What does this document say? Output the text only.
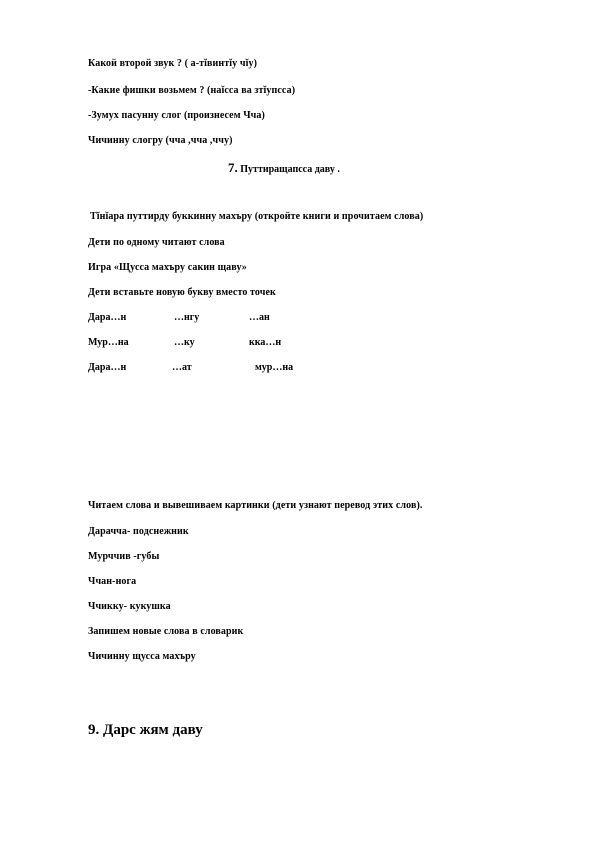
Какой второй звук ? ( а-тĭвинтĭу чĭу)
-Какие фишки возьмем ? (наĭсса ва зтĭупсса)
-Зумух пасунну слог (произнесем Чча)
Чичинну слогру (чча ,чча ,ччу)
7. Путтиращапсса даву .
Тĭнĭара путтирду буккинну махъру (откройте книги и прочитаем слова)
Дети по одному читают слова
Игра «Щусса махъру сакин щаву»
Дети вставьте новую букву вместо точек
Дара…н	…нгу	…ан
Мур…на	…ку	кка…н
Дара…н	…ат	мур…на
Читаем слова и вывешиваем картинки (дети узнают перевод этих слов).
Дарачча- подснежник
Мурччив -губы
Ччан-нога
Ччикку- кукушка
Запишем новые слова в словарик
Чичинну щусса махъру
9. Дарс жям даву
